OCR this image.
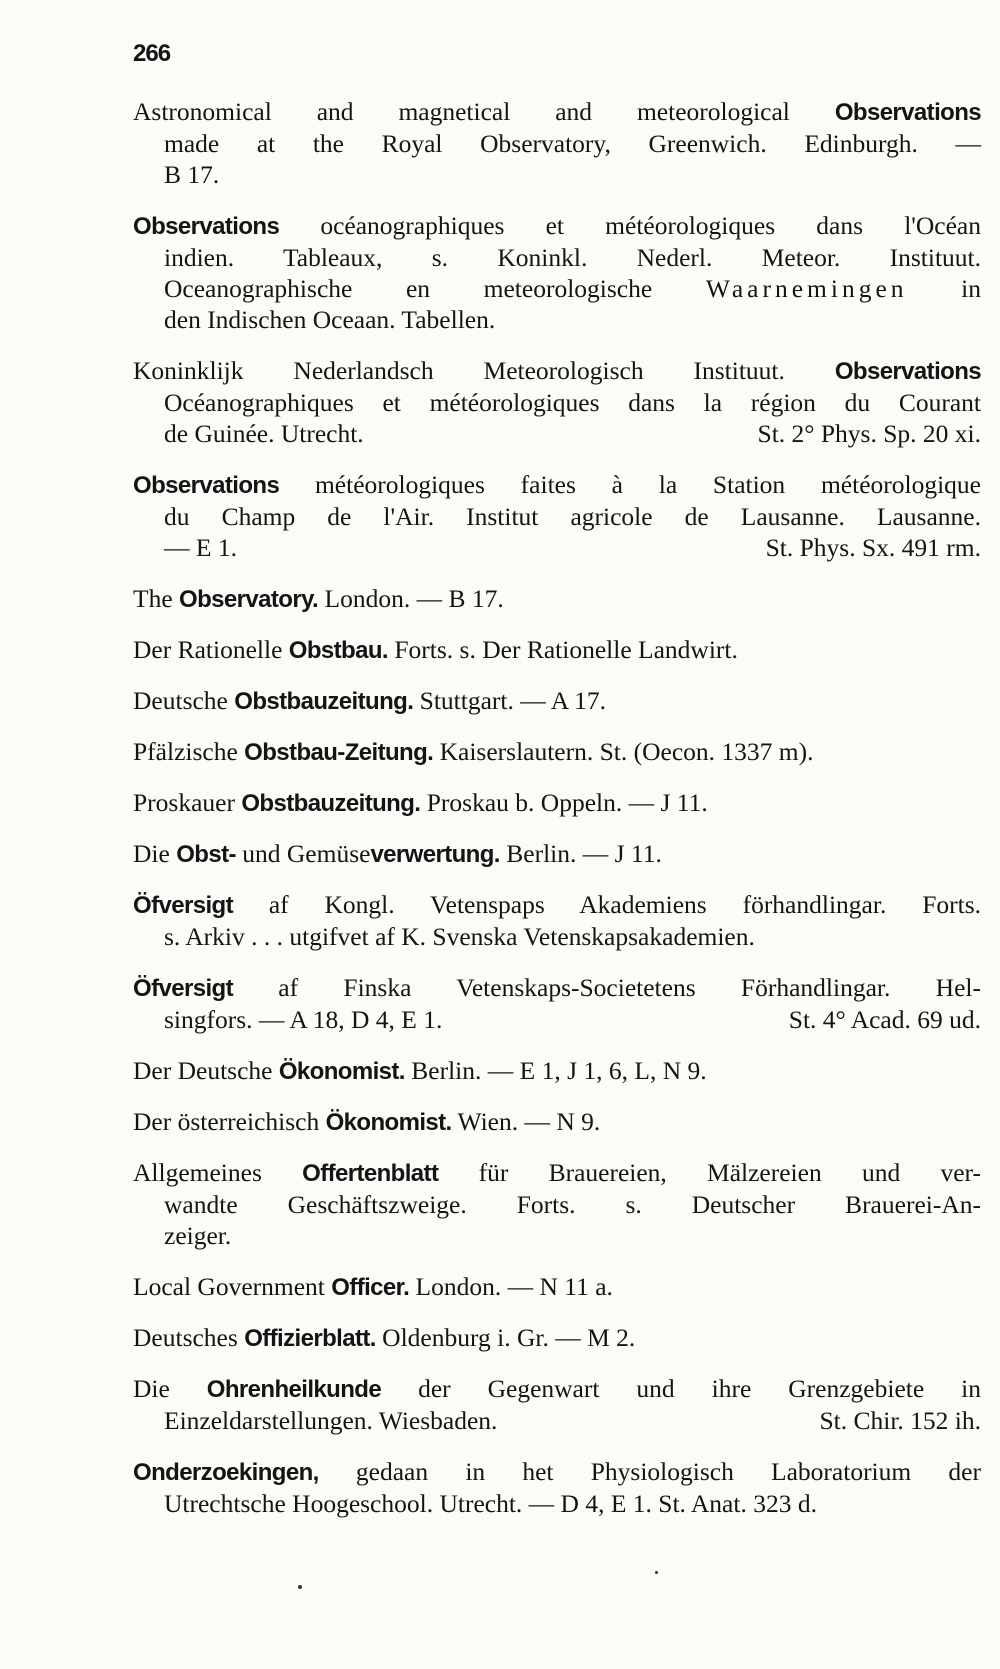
266
Astronomical and magnetical and meteorological Observations
made at the Royal Observatory, Greenwich. Edinburgh. —
B 17.
Observations océanographiques et météorologiques dans l'Océan
indien. Tableaux, s. Koninkl. Nederl. Meteor. Instituut.
Oceanographische en meteorologische Waarnemingen in
den Indischen Oceaan. Tabellen.
Koninklijk Nederlandsch Meteorologisch Instituut. Observations
Océanographiques et météorologiques dans la région du Courant
de Guinée. Utrecht.	St. 2° Phys. Sp. 20 xi.
Observations météorologiques faites à la Station météorologique
du Champ de l'Air. Institut agricole de Lausanne. Lausanne.
— E 1.	St. Phys. Sx. 491 rm.
The Observatory. London. — B 17.
Der Rationelle Obstbau. Forts. s. Der Rationelle Landwirt.
Deutsche Obstbauzeitung. Stuttgart. — A 17.
Pfälzische Obstbau-Zeitung. Kaiserslautern. St. (Oecon. 1337 m).
Proskauer Obstbauzeitung. Proskau b. Oppeln. — J 11.
Die Obst- und Gemüseverwertung. Berlin. — J 11.
Öfversigt af Kongl. Vetenspaps Akademiens förhandlingar. Forts.
s. Arkiv . . . utgifvet af K. Svenska Vetenskapsakademien.
Öfversigt af Finska Vetenskaps-Societetens Förhandlingar. Hel-
singfors. — A 18, D 4, E 1.	St. 4° Acad. 69 ud.
Der Deutsche Ökonomist. Berlin. — E 1, J 1, 6, L, N 9.
Der österreichisch Ökonomist. Wien. — N 9.
Allgemeines Offertenblatt für Brauereien, Mälzereien und ver-
wandte Geschäftszweige. Forts. s. Deutscher Brauerei-An-
zeiger.
Local Government Officer. London. — N 11 a.
Deutsches Offizierblatt. Oldenburg i. Gr. — M 2.
Die Ohrenheilkunde der Gegenwart und ihre Grenzgebiete in
Einzeldarstellungen. Wiesbaden.	St. Chir. 152 ih.
Onderzoekingen, gedaan in het Physiologisch Laboratorium der
Utrechtsche Hoogeschool. Utrecht. — D 4, E 1. St. Anat. 323 d.
